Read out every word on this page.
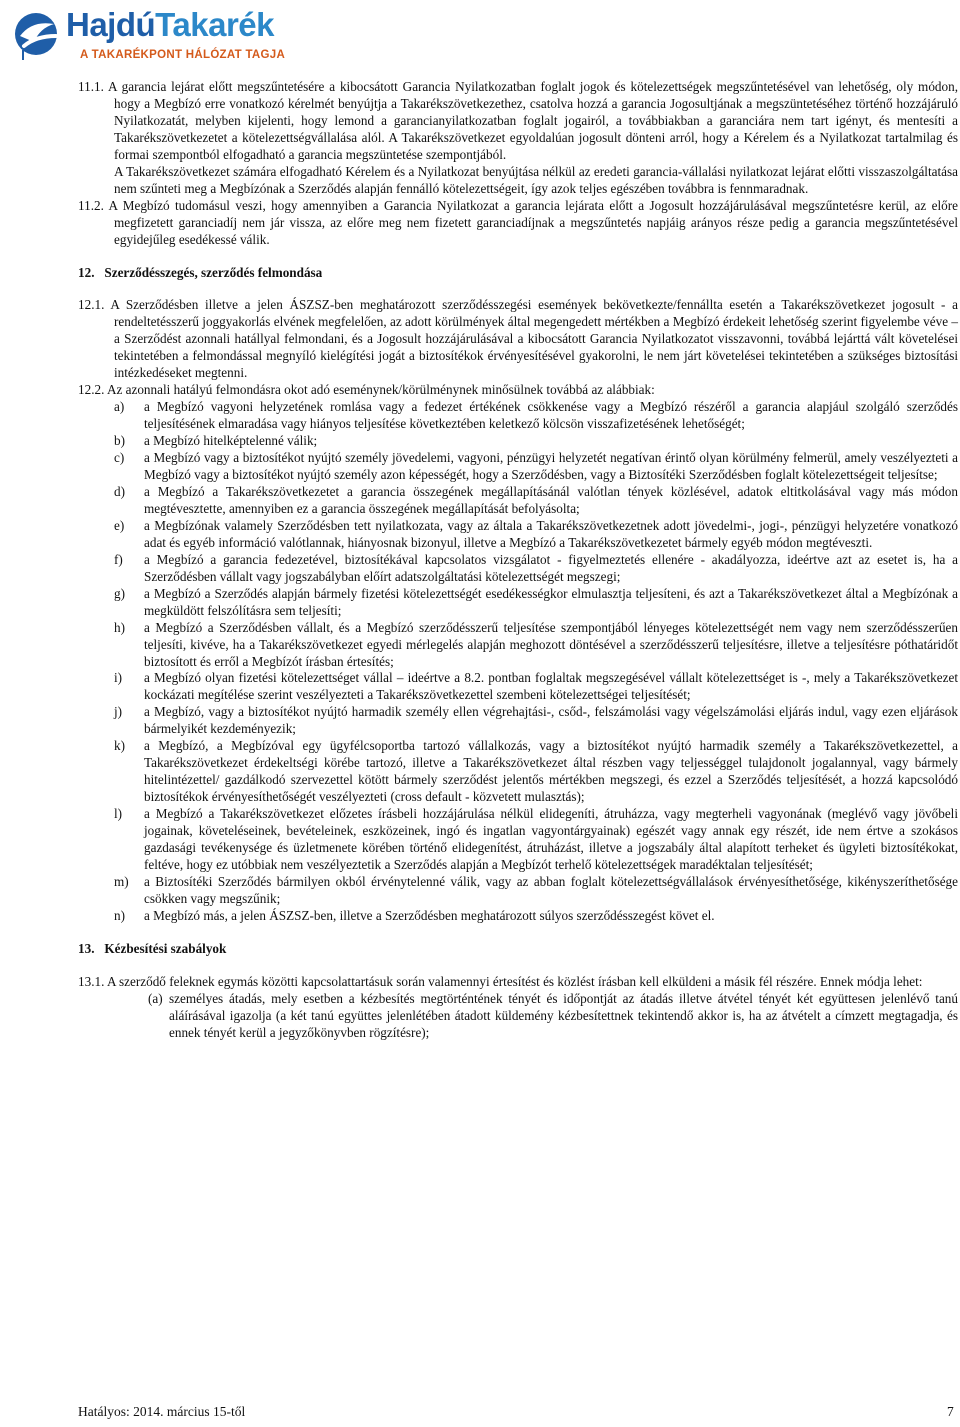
HajdúTakarék
A TAKARÉKPONT HÁLÓZAT TAGJA

11.1. A garancia lejárat előtt megszűntetésére a kibocsátott Garancia Nyilatkozatban foglalt jogok és kötelezettségek megszűntetésével van lehetőség, oly módon, hogy a Megbízó erre vonatkozó kérelmét benyújtja a Takarékszövetkezethez, csatolva hozzá a garancia Jogosultjának a megszüntetéséhez történő hozzájáruló Nyilatkozatát, melyben kijelenti, hogy lemond a garancianyilatkozatban foglalt jogairól, a továbbiakban a garanciára nem tart igényt, és mentesíti a Takarékszövetkezetet a kötelezettségvállalása alól. A Takarékszövetkezet egyoldalúan jogosult dönteni arról, hogy a Kérelem és a Nyilatkozat tartalmilag és formai szempontból elfogadható a garancia megszüntetése szempontjából.

A Takarékszövetkezet számára elfogadható Kérelem és a Nyilatkozat benyújtása nélkül az eredeti garancia-vállalási nyilatkozat lejárat előtti visszaszolgáltatása nem szűnteti meg a Megbízónak a Szerződés alapján fennálló kötelezettségeit, így azok teljes egészében továbbra is fennmaradnak.

11.2. A Megbízó tudomásul veszi, hogy amennyiben a Garancia Nyilatkozat a garancia lejárata előtt a Jogosult hozzájárulásával megszűntetésre kerül, az előre megfizetett garanciadíj nem jár vissza, az előre meg nem fizetett garanciadíjnak a megszűntetés napjáig arányos része pedig a garancia megszűntetésével egyidejűleg esedékessé válik.

12.   Szerződésszegés, szerződés felmondása

12.1. A Szerződésben illetve a jelen ÁSZSZ-ben meghatározott szerződésszegési események bekövetkezte/fennállta esetén a Takarékszövetkezet jogosult - a rendeltetésszerű joggyakorlás elvének megfelelően, az adott körülmények által megengedett mértékben a Megbízó érdekeit lehetőség szerint figyelembe véve – a Szerződést azonnali hatállyal felmondani, és a Jogosult hozzájárulásával a kibocsátott Garancia Nyilatkozatot visszavonni, továbbá lejárttá vált követelései tekintetében a felmondással megnyíló kielégítési jogát a biztosítékok érvényesítésével gyakorolni, le nem járt követelései tekintetében a szükséges biztosítási intézkedéseket megtenni.

12.2. Az azonnali hatályú felmondásra okot adó eseménynek/körülménynek minősülnek továbbá az alábbiak:

a) a Megbízó vagyoni helyzetének romlása vagy a fedezet értékének csökkenése vagy a Megbízó részéről a garancia alapjául szolgáló szerződés teljesítésének elmaradása vagy hiányos teljesítése következtében keletkező kölcsön visszafizetésének lehetőségét;
b) a Megbízó hitelképtelenné válik;
c) a Megbízó vagy a biztosítékot nyújtó személy jövedelemi, vagyoni, pénzügyi helyzetét negatívan érintő olyan körülmény felmerül, amely veszélyezteti a Megbízó vagy a biztosítékot nyújtó személy azon képességét, hogy a Szerződésben, vagy a Biztosítéki Szerződésben foglalt kötelezettségeit teljesítse;
d) a Megbízó a Takarékszövetkezetet a garancia összegének megállapításánál valótlan tények közlésével, adatok eltitkolásával vagy más módon megtévesztette, amennyiben ez a garancia összegének megállapítását befolyásolta;
e) a Megbízónak valamely Szerződésben tett nyilatkozata, vagy az általa a Takarékszövetkezetnek adott jövedelmi-, jogi-, pénzügyi helyzetére vonatkozó adat és egyéb információ valótlannak, hiányosnak bizonyul, illetve a Megbízó a Takarékszövetkezetet bármely egyéb módon megtéveszti.
f) a Megbízó a garancia fedezetével, biztosítékával kapcsolatos vizsgálatot - figyelmeztetés ellenére - akadályozza, ideértve azt az esetet is, ha a Szerződésben vállalt vagy jogszabályban előírt adatszolgáltatási kötelezettségét megszegi;
g) a Megbízó a Szerződés alapján bármely fizetési kötelezettségét esedékességkor elmulasztja teljesíteni, és azt a Takarékszövetkezet által a Megbízónak a megküldött felszólításra sem teljesíti;
h) a Megbízó a Szerződésben vállalt, és a Megbízó szerződésszerű teljesítése szempontjából lényeges kötelezettségét nem vagy nem szerződésszerűen teljesíti, kivéve, ha a Takarékszövetkezet egyedi mérlegelés alapján meghozott döntésével a szerződésszerű teljesítésre, illetve a teljesítésre póthatáridőt biztosított és erről a Megbízót írásban értesítés;
i) a Megbízó olyan fizetési kötelezettséget vállal – ideértve a 8.2. pontban foglaltak megszegésével vállalt kötelezettséget is -, mely a Takarékszövetkezet kockázati megítélése szerint veszélyezteti a Takarékszövetkezettel szembeni kötelezettségei teljesítését;
j) a Megbízó, vagy a biztosítékot nyújtó harmadik személy ellen végrehajtási-, csőd-, felszámolási vagy végelszámolási eljárás indul, vagy ezen eljárások bármelyikét kezdeményezik;
k) a Megbízó, a Megbízóval egy ügyfélcsoportba tartozó vállalkozás, vagy a biztosítékot nyújtó harmadik személy a Takarékszövetkezettel, a Takarékszövetkezet érdekeltségi körébe tartozó, illetve a Takarékszövetkezet által részben vagy teljességgel tulajdonolt jogalannyal, vagy bármely hitelintézettel/ gazdálkodó szervezettel kötött bármely szerződést jelentős mértékben megszegi, és ezzel a Szerződés teljesítését, a hozzá kapcsolódó biztosítékok érvényesíthetőségét veszélyezteti (cross default - közvetett mulasztás);
l) a Megbízó a Takarékszövetkezet előzetes írásbeli hozzájárulása nélkül elidegeníti, átruházza, vagy megterheli vagyonának (meglévő vagy jövőbeli jogainak, követeléseinek, bevételeinek, eszközeinek, ingó és ingatlan vagyontárgyainak) egészét vagy annak egy részét, ide nem értve a szokásos gazdasági tevékenysége és üzletmenete körében történő elidegenítést, átruházást, illetve a jogszabály által alapított terheket és ügyleti biztosítékokat, feltéve, hogy ez utóbbiak nem veszélyeztetik a Szerződés alapján a Megbízót terhelő kötelezettségek maradéktalan teljesítését;
m) a Biztosítéki Szerződés bármilyen okból érvénytelenné válik, vagy az abban foglalt kötelezettségvállalások érvényesíthetősége, kikényszeríthetősége csökken vagy megszűnik;
n) a Megbízó más, a jelen ÁSZSZ-ben, illetve a Szerződésben meghatározott súlyos szerződésszegést követ el.

13.   Kézbesítési szabályok

13.1. A szerződő feleknek egymás közötti kapcsolattartásuk során valamennyi értesítést és közlést írásban kell elküldeni a másik fél részére. Ennek módja lehet:

(a) személyes átadás, mely esetben a kézbesítés megtörténtének tényét és időpontját az átadás illetve átvétel tényét két együttesen jelenlévő tanú aláírásával igazolja (a két tanú együttes jelenlétében átadott küldemény kézbesítettnek tekintendő akkor is, ha az átvételt a címzett megtagadja, és ennek tényét kerül a jegyzőkönyvben rögzítésre);
Hatályos: 2014. március 15-től	7
